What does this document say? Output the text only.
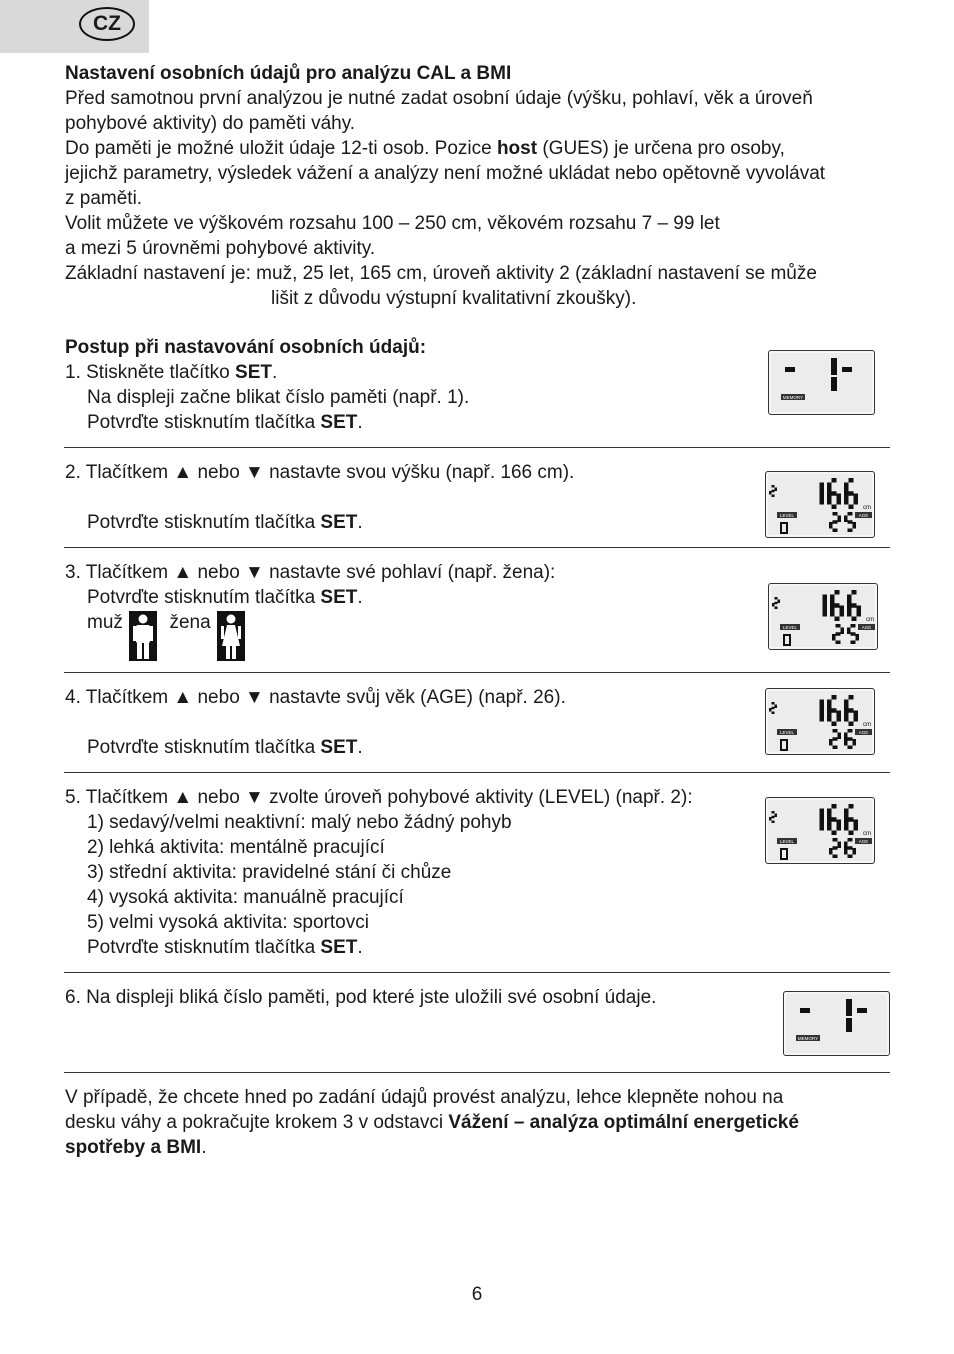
CZ

Nastavení osobních údajů pro analýzu CAL a BMI

Před samotnou první analýzou je nutné zadat osobní údaje (výšku, pohlaví, věk a úroveň

pohybové aktivity) do paměti váhy.

Do paměti je možné uložit údaje 12-ti osob. Pozice host (GUES) je určena pro osoby,

jejichž parametry, výsledek vážení a analýzy není možné ukládat nebo opětovně vyvolávat

z paměti.

Volit můžete ve výškovém rozsahu 100 – 250 cm, věkovém rozsahu 7 – 99 let

a mezi 5 úrovněmi pohybové aktivity.

Základní nastavení je: muž, 25 let, 165 cm, úroveň aktivity 2 (základní nastavení se může

lišit z důvodu výstupní kvalitativní zkoušky).

Postup při nastavování osobních údajů:

1. Stiskněte tlačítko SET.

Na displeji začne blikat číslo paměti (např. 1).

Potvrďte stisknutím tlačítka SET.

MEMORY

2. Tlačítkem ▲ nebo ▼ nastavte svou výšku (např. 166 cm).

Potvrďte stisknutím tlačítka SET.

cm
LEVEL	AGE

3. Tlačítkem ▲ nebo ▼ nastavte své pohlaví (např. žena):

Potvrďte stisknutím tlačítka SET.

muž žena	cm
LEVEL	AGE

4. Tlačítkem ▲ nebo ▼ nastavte svůj věk (AGE) (např. 26).

Potvrďte stisknutím tlačítka SET.

cm
LEVEL	AGE

5. Tlačítkem ▲ nebo ▼ zvolte úroveň pohybové aktivity (LEVEL) (např. 2):

1) sedavý/velmi neaktivní: malý nebo žádný pohyb

2) lehká aktivita: mentálně pracující

3) střední aktivita: pravidelné stání či chůze

4) vysoká aktivita: manuálně pracující

5) velmi vysoká aktivita: sportovci

Potvrďte stisknutím tlačítka SET.

cm
LEVEL	AGE

6. Na displeji bliká číslo paměti, pod které jste uložili své osobní údaje.

MEMORY

V případě, že chcete hned po zadání údajů provést analýzu, lehce klepněte nohou na

desku váhy a pokračujte krokem 3 v odstavci Vážení – analýza optimální energetické

spotřeby a BMI.

6
